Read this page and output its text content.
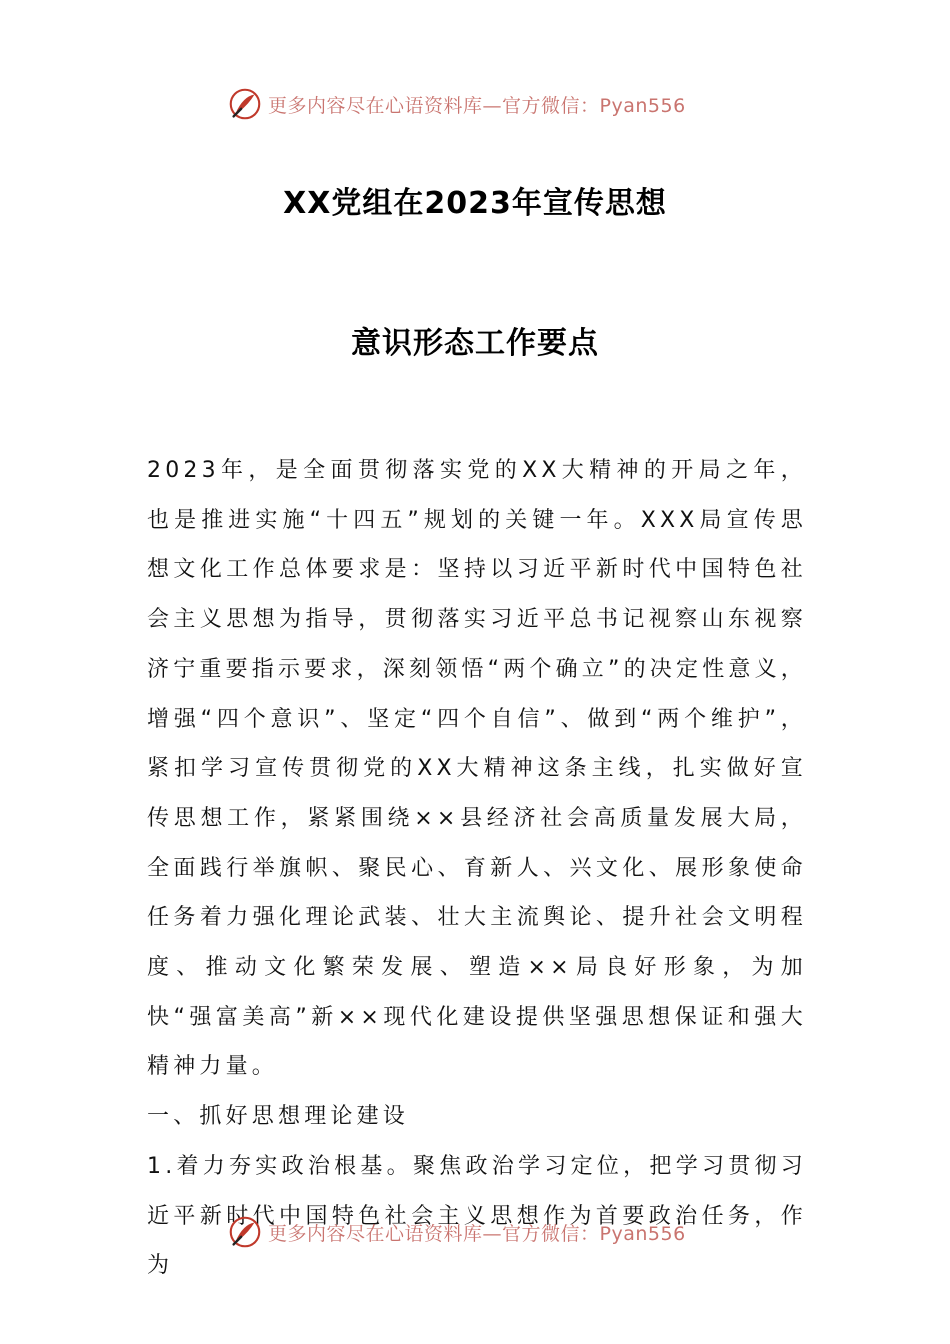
更多内容尽在心语资料库—官方微信：Pyan556
XX党组在2023年宣传思想
意识形态工作要点

2023年，是全面贯彻落实党的XX大精神的开局之年，也是推进实施“十四五”规划的关键一年。XXX局宣传思想文化工作总体要求是：坚持以习近平新时代中国特色社会主义思想为指导，贯彻落实习近平总书记视察山东视察济宁重要指示要求，深刻领悟“两个确立”的决定性意义，增强“四个意识”、坚定“四个自信”、做到“两个维护”，紧扣学习宣传贯彻党的XX大精神这条主线，扎实做好宣传思想工作，紧紧围绕××县经济社会高质量发展大局，全面践行举旗帜、聚民心、育新人、兴文化、展形象使命任务着力强化理论武装、壮大主流舆论、提升社会文明程度、推动文化繁荣发展、塑造××局良好形象，为加快“强富美高”新××现代化建设提供坚强思想保证和强大精神力量。

一、抓好思想理论建设

1.着力夯实政治根基。聚焦政治学习定位，把学习贯彻习近平新时代中国特色社会主义思想作为首要政治任务，作为

更多内容尽在心语资料库—官方微信：Pyan556
